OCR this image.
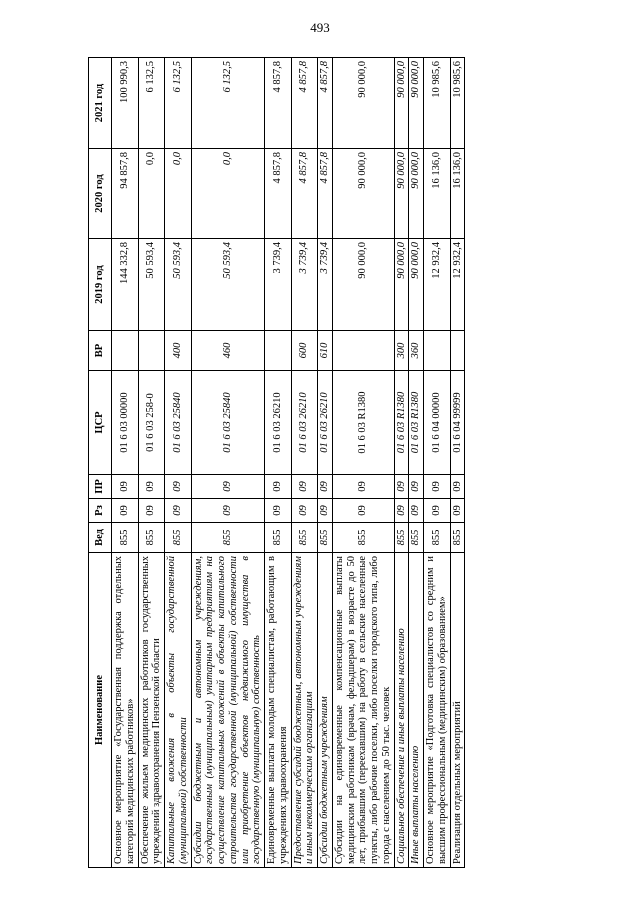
493
Наименование	Вед	Рз	ПР	ЦСР	ВР	2019 год	2020 год	2021 год
Основное мероприятие «Государственная поддержка отдельных категорий медицинских работников»	855	09	09	01 6 03 00000		144 332,8	94 857,8	100 990,3
Обеспечение жильем медицинских работников государственных учреждений здравоохранения Пензенской области	855	09	09	01 6 03 258-0		50 593,4	0,0	6 132,5
Капитальные вложения в объекты государственной (муниципальной) собственности	855	09	09	01 6 03 25840	400	50 593,4	0,0	6 132,5
Субсидии бюджетным и автономным учреждениям, государственным (муниципальным) унитарным предприятиям на осуществление капитальных вложений в объекты капитального строительства государственной (муниципальной) собственности или приобретение объектов недвижимого имущества в государственную (муниципальную) собственность	855	09	09	01 6 03 25840	460	50 593,4	0,0	6 132,5
Единовременные выплаты молодым специалистам, работающим в учреждениях здравоохранения	855	09	09	01 6 03 26210		3 739,4	4 857,8	4 857,8
Предоставление субсидий бюджетным, автономным учреждениям и иным некоммерческим организациям	855	09	09	01 6 03 26210	600	3 739,4	4 857,8	4 857,8
Субсидии бюджетным учреждениям	855	09	09	01 6 03 26210	610	3 739,4	4 857,8	4 857,8
Субсидии на единовременные компенсационные выплаты медицинским работникам (врачам, фельдшерам) в возрасте до 50 лет, прибывшим (переехавшим) на работу в сельские населенные пункты, либо рабочие поселки, либо поселки городского типа, либо города с населением до 50 тыс. человек	855	09	09	01 6 03 R1380		90 000,0	90 000,0	90 000,0
Социальное обеспечение и иные выплаты населению	855	09	09	01 6 03 R1380	300	90 000,0	90 000,0	90 000,0
Иные выплаты населению	855	09	09	01 6 03 R1380	360	90 000,0	90 000,0	90 000,0
Основное мероприятие «Подготовка специалистов со средним и высшим профессиональным (медицинским) образованием»	855	09	09	01 6 04 00000		12 932,4	16 136,0	10 985,6
Реализация отдельных мероприятий	855	09	09	01 6 04 99999		12 932,4	16 136,0	10 985,6
